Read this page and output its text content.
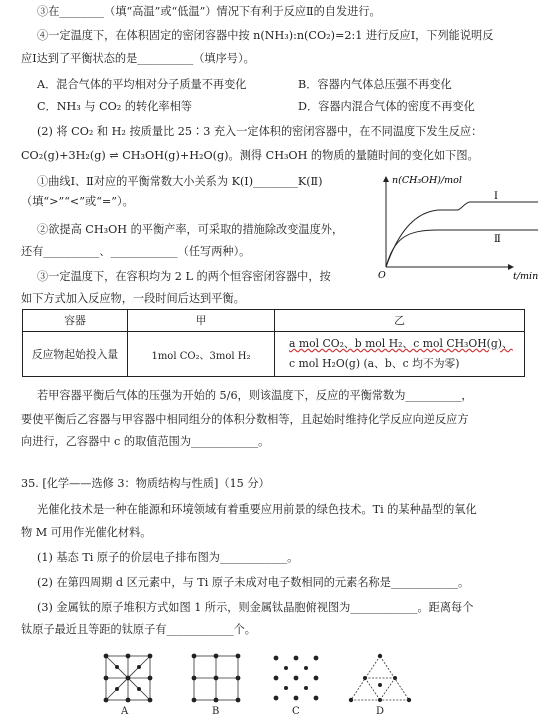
③在________（填“高温”或“低温”）情况下有利于反应Ⅱ的自发进行。
④一定温度下，在体积固定的密闭容器中按 n(NH₃):n(CO₂)=2:1 进行反应Ⅰ，下列能说明反
应Ⅰ达到了平衡状态的是__________（填序号）。
A．混合气体的平均相对分子质量不再变化	B．容器内气体总压强不再变化
C．NH₃ 与 CO₂ 的转化率相等	D．容器内混合气体的密度不再变化
(2) 将 CO₂ 和 H₂ 按质量比 25∶3 充入一定体积的密闭容器中，在不同温度下发生反应：
CO₂(g)+3H₂(g) ⇌ CH₃OH(g)+H₂O(g)。测得 CH₃OH 的物质的量随时间的变化如下图。
①曲线Ⅰ、Ⅱ对应的平衡常数大小关系为 K(Ⅰ)________K(Ⅱ)
（填“>”“<”或“=”）。
②欲提高 CH₃OH 的平衡产率，可采取的措施除改变温度外，
还有__________、____________（任写两种）。
③一定温度下，在容积均为 2 L 的两个恒容密闭容器中，按
如下方式加入反应物，一段时间后达到平衡。
n(CH₃OH)/mol
t/min
O
Ⅰ
Ⅱ
容器	甲	乙
反应物起始投入量	1mol CO₂、3mol H₂	a mol CO₂、b mol H₂、c mol CH₃OH(g)、
c mol H₂O(g) (a、b、c 均不为零)
若甲容器平衡后气体的压强为开始的 5/6，则该温度下，反应的平衡常数为__________，
要使平衡后乙容器与甲容器中相同组分的体积分数相等，且起始时维持化学反应向逆反应方
向进行，乙容器中 c 的取值范围为____________。
35. [化学——选修 3：物质结构与性质]（15 分）
光催化技术是一种在能源和环境领域有着重要应用前景的绿色技术。Ti 的某种晶型的氧化
物 M 可用作光催化材料。
(1) 基态 Ti 原子的价层电子排布图为____________。
(2) 在第四周期 d 区元素中，与 Ti 原子未成对电子数相同的元素名称是____________。
(3) 金属钛的原子堆积方式如图 1 所示，则金属钛晶胞俯视图为____________。距离每个
钛原子最近且等距的钛原子有____________个。
A	B	C	D
